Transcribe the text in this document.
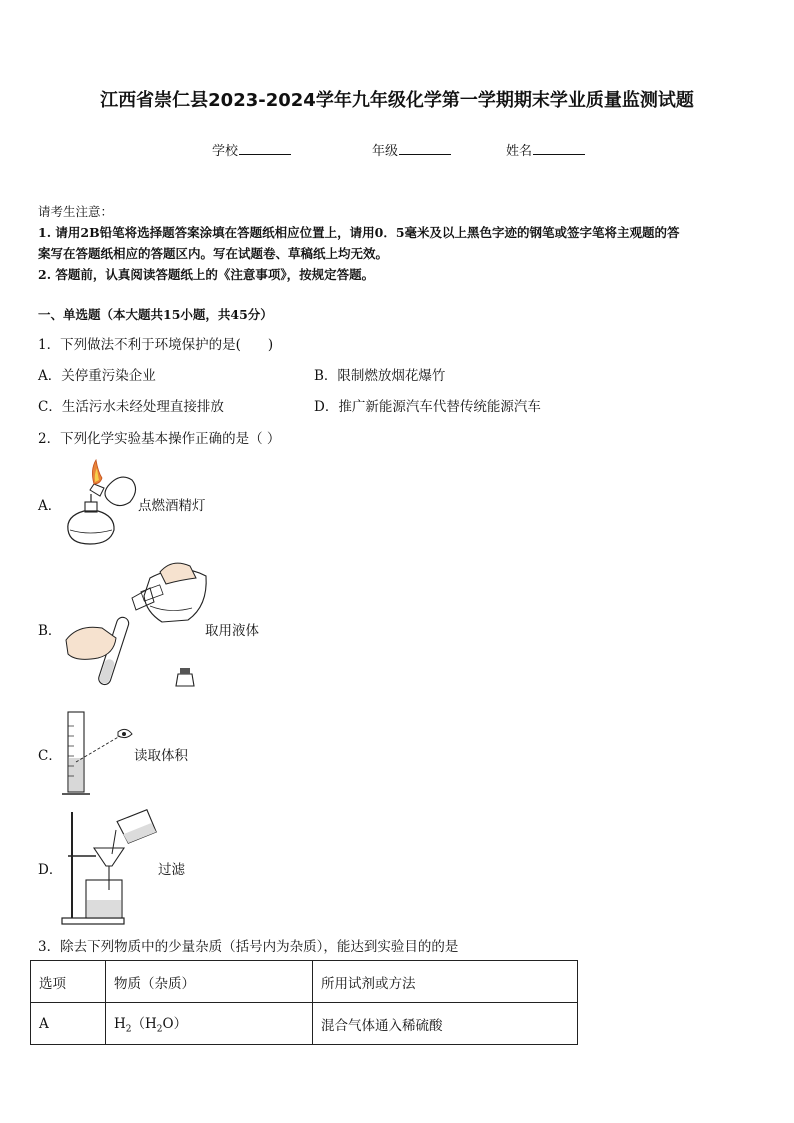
江西省崇仁县2023-2024学年九年级化学第一学期期末学业质量监测试题
学校	年级	姓名
请考生注意：
1. 请用2B铅笔将选择题答案涂填在答题纸相应位置上，请用0．5毫米及以上黑色字迹的钢笔或签字笔将主观题的答
案写在答题纸相应的答题区内。写在试题卷、草稿纸上均无效。
2. 答题前，认真阅读答题纸上的《注意事项》，按规定答题。
一、单选题（本大题共15小题，共45分）
1．下列做法不利于环境保护的是(　　)
A．关停重污染企业	B．限制燃放烟花爆竹
C．生活污水未经处理直接排放	D．推广新能源汽车代替传统能源汽车
2．下列化学实验基本操作正确的是（ ）
A．	点燃酒精灯
B．	取用液体
C．	读取体积
D．	过滤
3．除去下列物质中的少量杂质（括号内为杂质），能达到实验目的的是
选项	物质（杂质）	所用试剂或方法
A	$H_2(H_2O)$	混合气体通入稀硫酸
